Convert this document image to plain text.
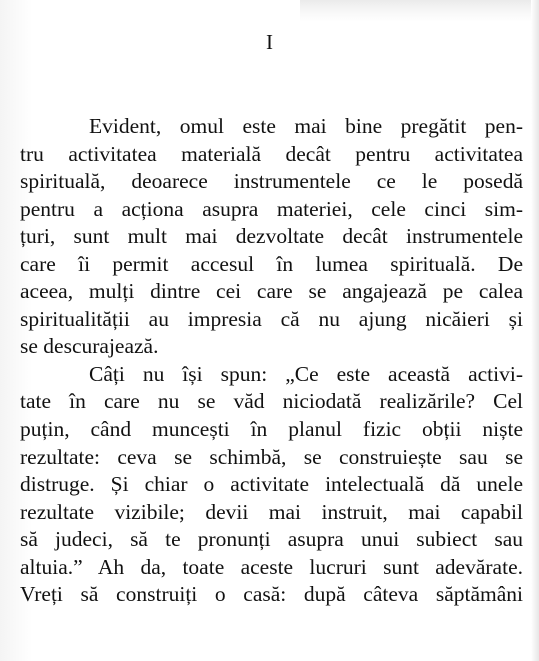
I
Evident, omul este mai bine pregătit pen-
tru activitatea materială decât pentru activitatea
spirituală, deoarece instrumentele ce le posedă
pentru a acționa asupra materiei, cele cinci sim-
țuri, sunt mult mai dezvoltate decât instrumentele
care îi permit accesul în lumea spirituală. De
aceea, mulți dintre cei care se angajează pe calea
spiritualității au impresia că nu ajung nicăieri și
se descurajează.
Câți nu își spun: „Ce este această activi-
tate în care nu se văd niciodată realizările? Cel
puțin, când muncești în planul fizic obții niște
rezultate: ceva se schimbă, se construiește sau se
distruge. Și chiar o activitate intelectuală dă unele
rezultate vizibile; devii mai instruit, mai capabil
să judeci, să te pronunți asupra unui subiect sau
altuia.” Ah da, toate aceste lucruri sunt adevărate.
Vreți să construiți o casă: după câteva săptămâni
